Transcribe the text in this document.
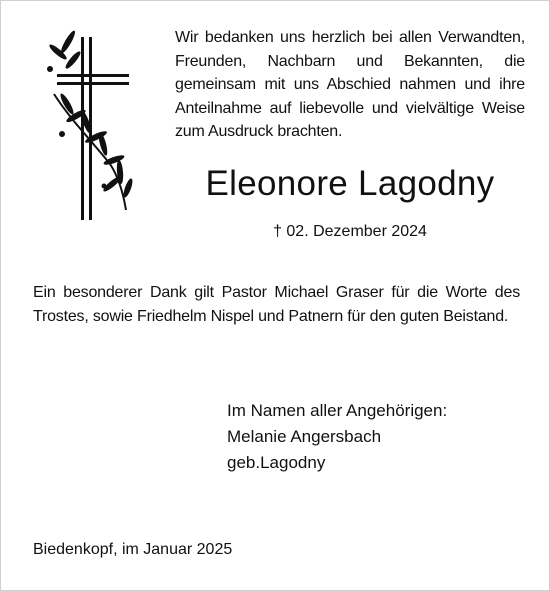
Wir bedanken uns herzlich bei allen Verwandten, Freunden, Nachbarn und Bekannten, die gemeinsam mit uns Abschied nahmen und ihre Anteilnahme auf liebevolle und vielvältige Weise zum Ausdruck brachten.
Eleonore Lagodny
† 02. Dezember 2024
Ein besonderer Dank gilt Pastor Michael Graser für die Worte des Trostes, sowie Friedhelm Nispel und Patnern für den guten Beistand.
Im Namen aller Angehörigen:
Melanie Angersbach
geb.Lagodny
Biedenkopf, im Januar 2025
